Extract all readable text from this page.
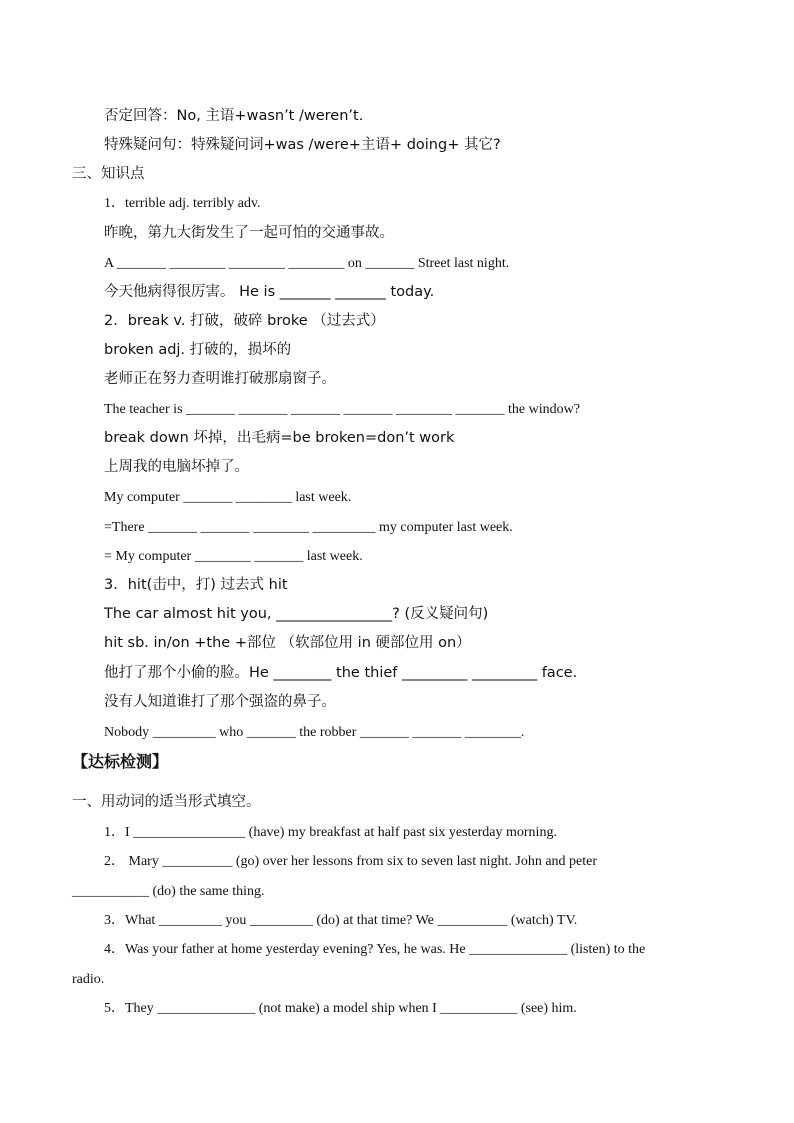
否定回答：No, 主语+wasn’t /weren’t.
特殊疑问句：特殊疑问词+was /were+主语+ doing+ 其它?
三、知识点
1．terrible adj. terribly adv.
昨晚，第九大街发生了一起可怕的交通事故。
A _______ ________ ________ ________ on _______ Street last night.
今天他病得很厉害。 He is _______ _______ today.
2．break v. 打破，破碎 broke （过去式）
broken adj. 打破的，损坏的
老师正在努力查明谁打破那扇窗子。
The teacher is _______ _______ _______ _______ ________ _______ the window?
break down 坏掉，出毛病=be broken=don’t work
上周我的电脑坏掉了。
My computer _______ ________ last week.
=There _______ _______ ________ _________ my computer last week.
= My computer ________ _______ last week.
3．hit(击中，打) 过去式 hit
The car almost hit you, ________________? (反义疑问句)
hit sb. in/on +the +部位 （软部位用 in 硬部位用 on）
他打了那个小偷的脸。He ________ the thief _________ _________ face.
没有人知道谁打了那个强盗的鼻子。
Nobody _________ who _______ the robber _______ _______ ________.
【达标检测】
一、用动词的适当形式填空。
1．I ________________ (have) my breakfast at half past six yesterday morning.
2． Mary __________ (go) over her lessons from six to seven last night. John and peter
___________ (do) the same thing.
3．What _________ you _________ (do) at that time? We __________ (watch) TV.
4．Was your father at home yesterday evening? Yes, he was. He ______________ (listen) to the
radio.
5．They ______________ (not make) a model ship when I ___________ (see) him.
